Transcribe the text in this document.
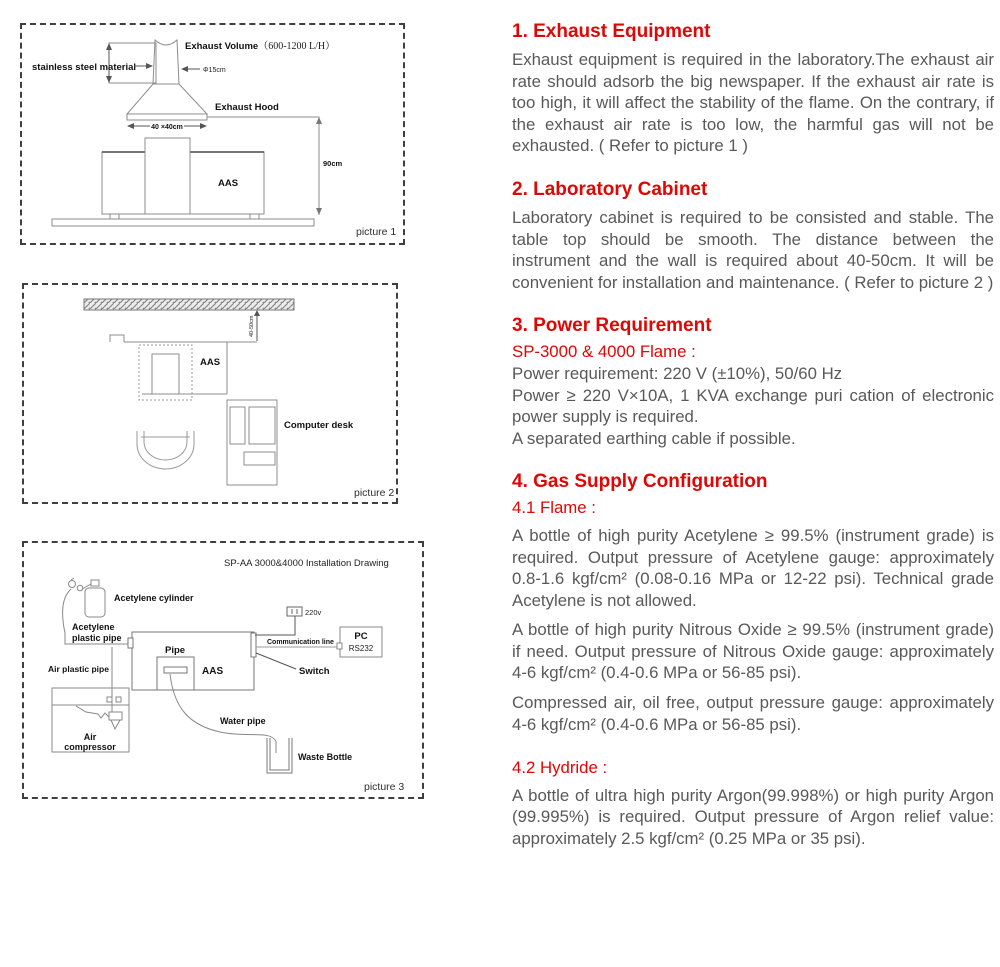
stainless steel material
Exhaust Volume（600-1200 L/H）
Φ15cm
Exhaust Hood
40 ×40cm
90cm
AAS
picture 1
40-50cm
AAS
Computer desk
picture 2
SP-AA 3000&4000 Installation Drawing
Acetylene cylinder
Acetylene
plastic pipe
Air plastic pipe
Air
compressor
Pipe
AAS
220v
Communication line
PC
RS232
Switch
Water pipe
Waste Bottle
picture 3
1. Exhaust Equipment

Exhaust equipment is required in the laboratory.The exhaust air rate should adsorb the big newspaper. If the exhaust air rate is too high, it will affect the stability of the flame. On the contrary, if the exhaust air rate is too low, the harmful gas will not be exhausted. ( Refer to picture 1 )

2. Laboratory Cabinet

Laboratory cabinet is required to be consisted and stable. The table top should be smooth. The distance between the instrument and the wall is required about 40-50cm. It will be convenient for installation and maintenance. ( Refer to picture 2 )

3. Power Requirement
SP-3000 & 4000 Flame :

Power requirement: 220 V (±10%), 50/60 Hz

Power ≥ 220 V×10A, 1 KVA exchange puri cation of electronic power supply is required.

A separated earthing cable if possible.

4. Gas Supply Configuration
4.1 Flame :

A bottle of high purity Acetylene ≥ 99.5% (instrument grade) is required. Output pressure of Acetylene gauge: approximately 0.8-1.6 kgf/cm² (0.08-0.16 MPa or 12-22 psi). Technical grade Acetylene is not allowed.

A bottle of high purity Nitrous Oxide ≥ 99.5% (instrument grade) if need. Output pressure of Nitrous Oxide gauge: approximately 4-6 kgf/cm² (0.4-0.6 MPa or 56-85 psi).

Compressed air, oil free, output pressure gauge: approximately 4-6 kgf/cm² (0.4-0.6 MPa or 56-85 psi).

4.2 Hydride :

A bottle of ultra high purity Argon(99.998%) or high purity Argon (99.995%) is required. Output pressure of Argon relief value: approximately 2.5 kgf/cm² (0.25 MPa or 35 psi).
